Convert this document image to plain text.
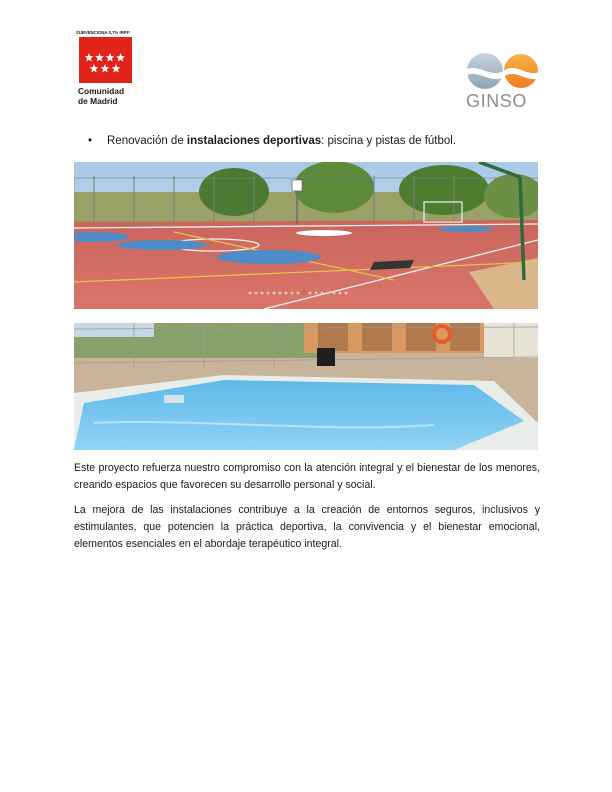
SUBVENCIONA 0,7% IRPF:
Comunidad
de Madrid	GINSO
• Renovación de instalaciones deportivas: piscina y pistas de fútbol.
Este proyecto refuerza nuestro compromiso con la atención integral y el bienestar de los menores, creando espacios que favorecen su desarrollo personal y social.
La mejora de las instalaciones contribuye a la creación de entornos seguros, inclusivos y estimulantes, que potencien la práctica deportiva, la convivencia y el bienestar emocional, elementos esenciales en el abordaje terapéutico integral.
